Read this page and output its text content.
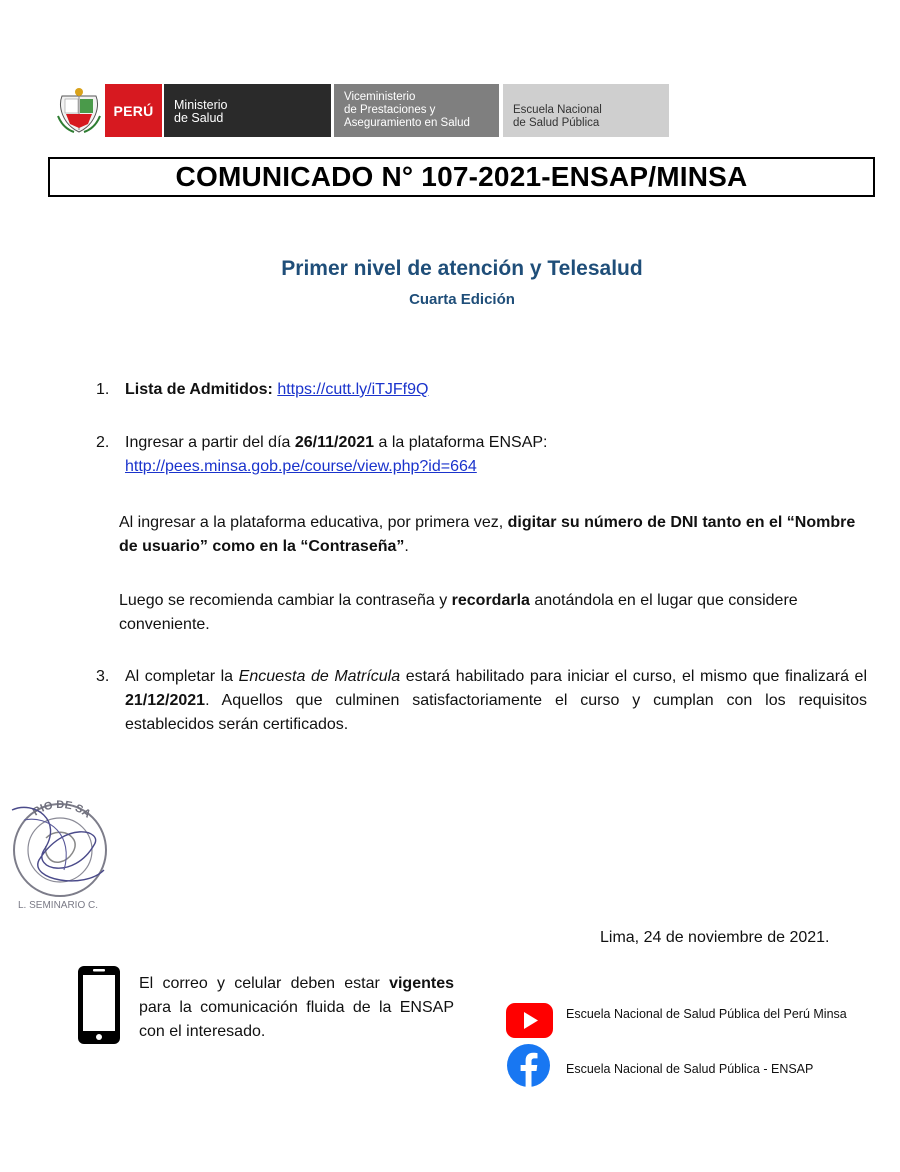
PERÚ Ministerio
de Salud
Viceministerio
de Prestaciones y
Aseguramiento en Salud
Escuela Nacional
de Salud Pública
COMUNICADO N° 107-2021-ENSAP/MINSA
Primer nivel de atención y Telesalud
Cuarta Edición
1. Lista de Admitidos: https://cutt.ly/iTJFf9Q
2. Ingresar a partir del día 26/11/2021 a la plataforma ENSAP:
http://pees.minsa.gob.pe/course/view.php?id=664
Al ingresar a la plataforma educativa, por primera vez, digitar su número de DNI tanto en el “Nombre de usuario” como en la “Contraseña”.
Luego se recomienda cambiar la contraseña y recordarla anotándola en el lugar que considere conveniente.
3. Al completar la Encuesta de Matrícula estará habilitado para iniciar el curso, el mismo que finalizará el 21/12/2021. Aquellos que culminen satisfactoriamente el curso y cumplan con los requisitos establecidos serán certificados.
RIO DE SA
L. SEMINARIO C.
Lima, 24 de noviembre de 2021.
El correo y celular deben estar vigentes para la comunicación fluida de la ENSAP con el interesado.
Escuela Nacional de Salud Pública del Perú Minsa
Escuela Nacional de Salud Pública - ENSAP
